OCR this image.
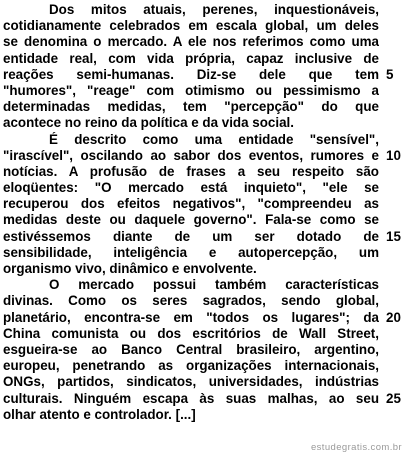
Dos mitos atuais, perenes, inquestionáveis,
cotidianamente celebrados em escala global, um deles
se denomina o mercado. A ele nos referimos como uma
entidade real, com vida própria, capaz inclusive de
reações semi-humanas. Diz-se dele que tem
"humores", "reage" com otimismo ou pessimismo a
determinadas medidas, tem "percepção" do que
acontece no reino da política e da vida social.
É descrito como uma entidade "sensível",
"irascível", oscilando ao sabor dos eventos, rumores e
notícias. A profusão de frases a seu respeito são
eloqüentes: "O mercado está inquieto", "ele se
recuperou dos efeitos negativos", "compreendeu as
medidas deste ou daquele governo". Fala-se como se
estivéssemos diante de um ser dotado de
sensibilidade, inteligência e autopercepção, um
organismo vivo, dinâmico e envolvente.
O mercado possui também características
divinas. Como os seres sagrados, sendo global,
planetário, encontra-se em "todos os lugares"; da
China comunista ou dos escritórios de Wall Street,
esgueira-se ao Banco Central brasileiro, argentino,
europeu, penetrando as organizações internacionais,
ONGs, partidos, sindicatos, universidades, indústrias
culturais. Ninguém escapa às suas malhas, ao seu
olhar atento e controlador. [...]
5
10
15
20
25
estudegratis.com.br
